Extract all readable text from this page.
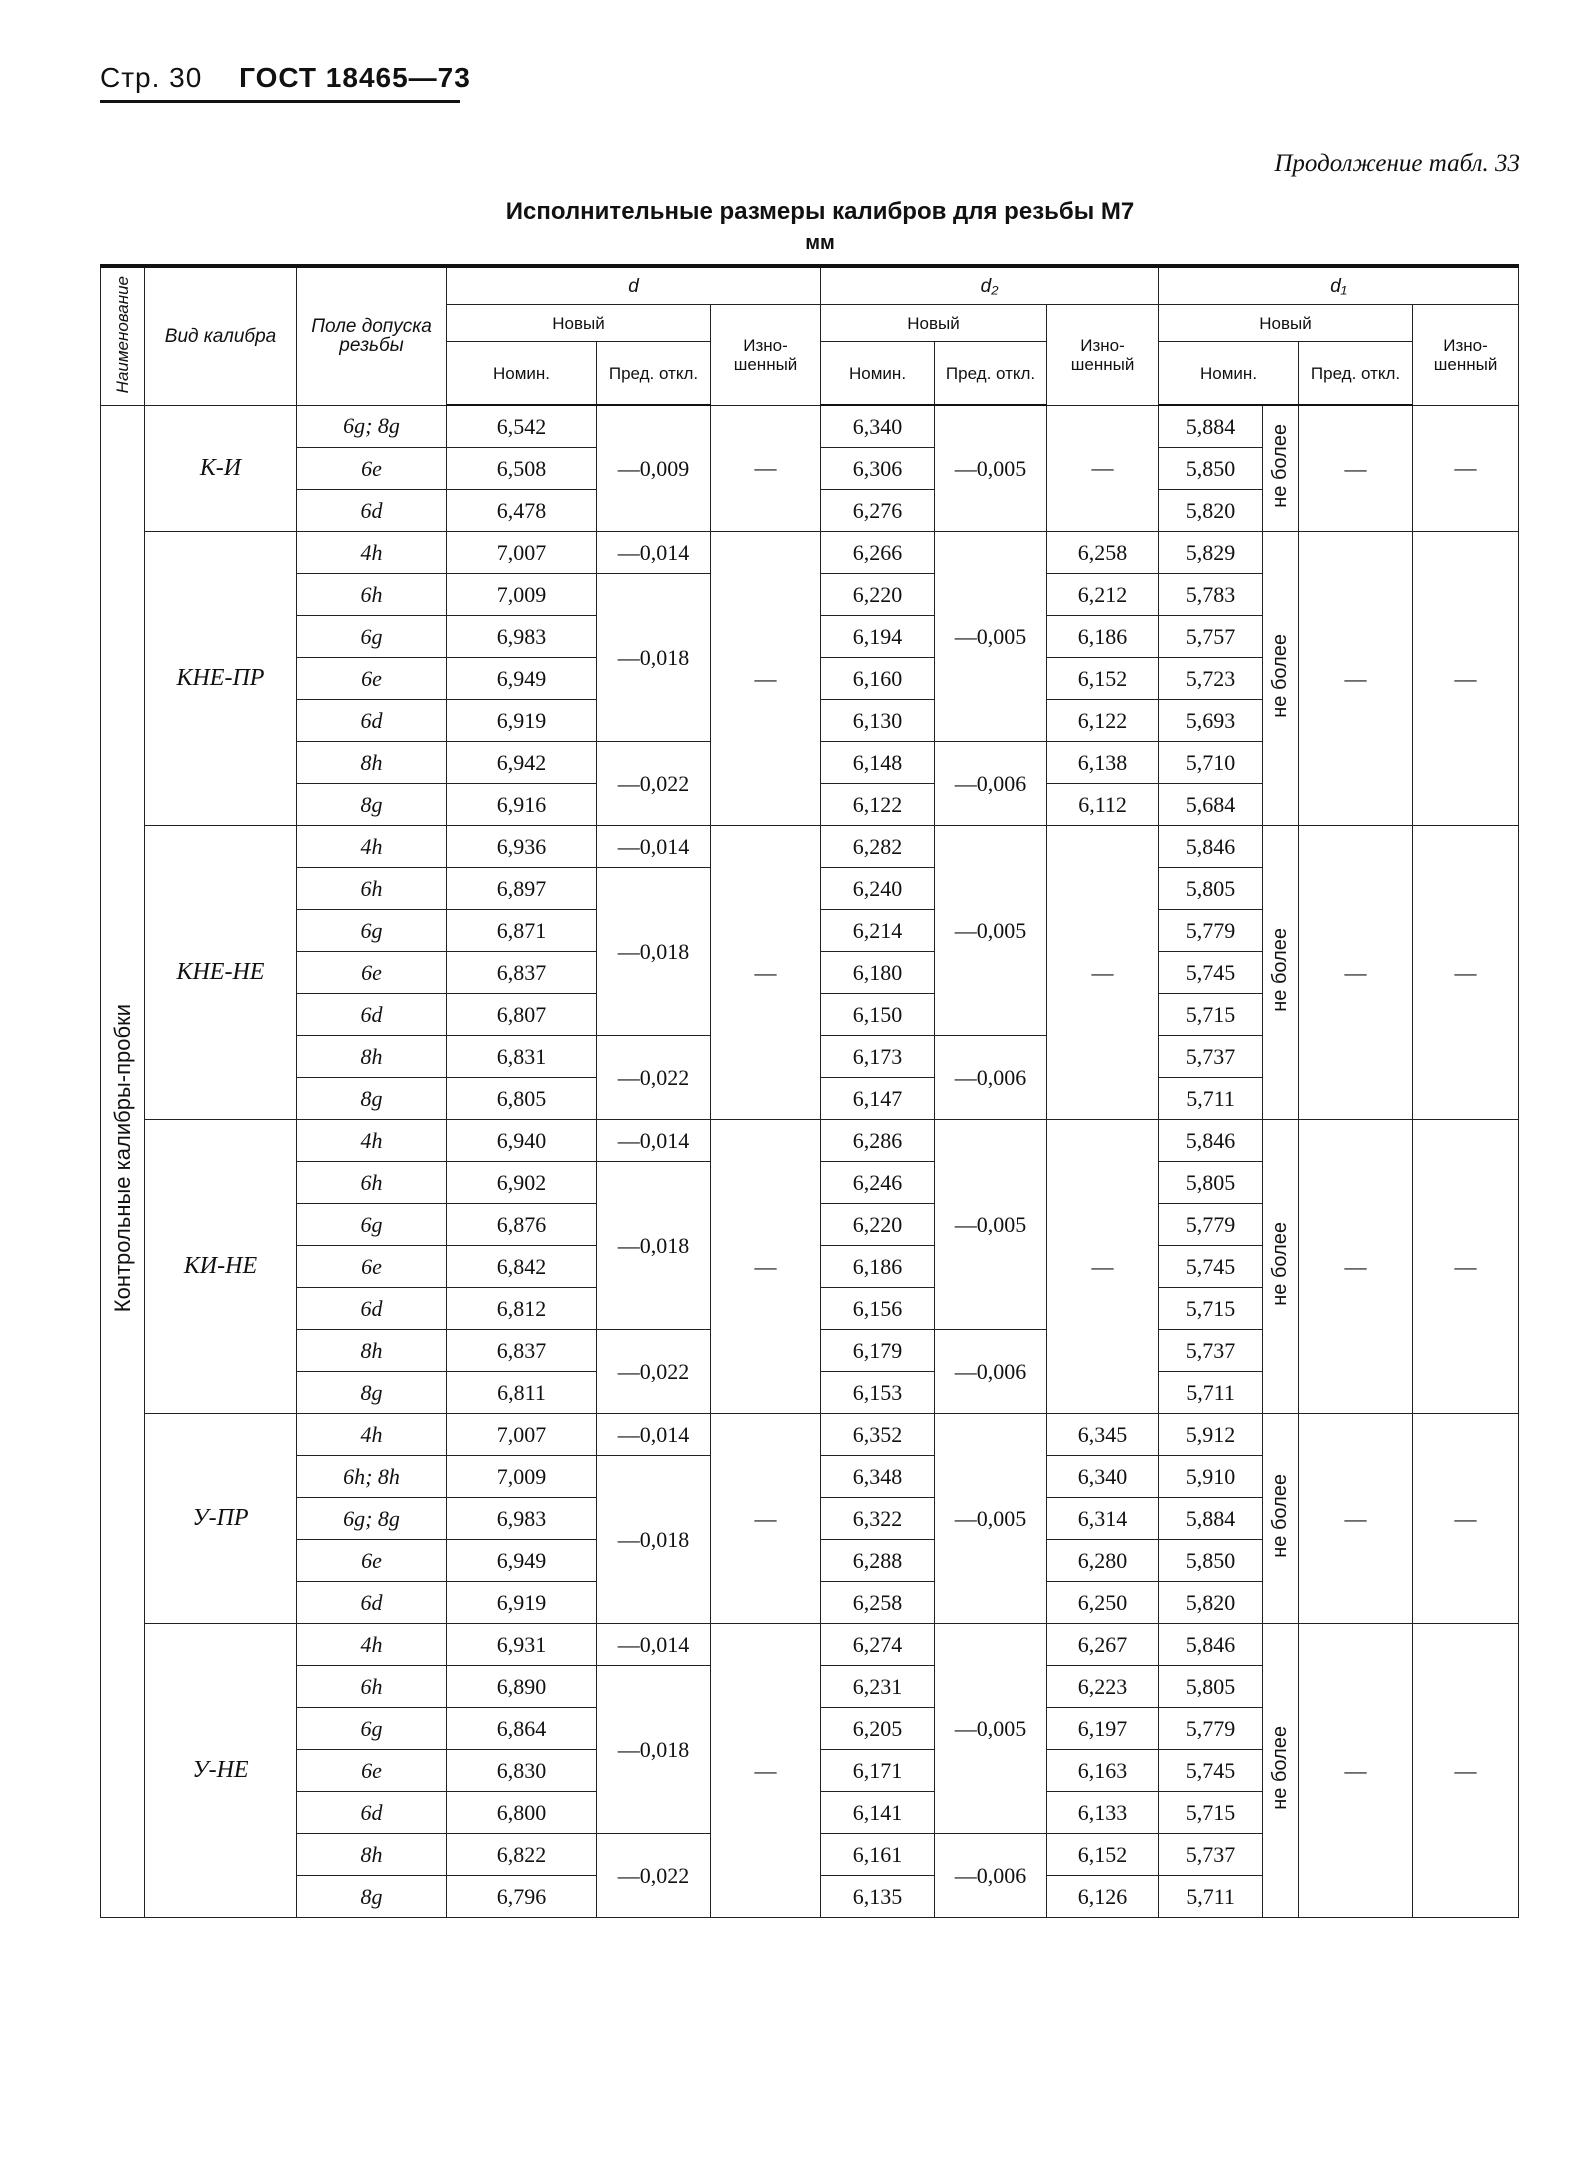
Стр. 30 ГОСТ 18465—73
Продолжение табл. 33
Исполнительные размеры калибров для резьбы М7
мм
Наименование	Вид калибра	Поле допуска резьбы	d			d₂			d₁			
			Новый		Изно-шенный	Новый		Изно-шенный	Новый			Изно-шенный
			Номин.	Пред. откл.		Номин.	Пред. откл.		Номин.		Пред. откл.	
Контрольные калибры-пробки	К-И	6g; 8g	6,542	—0,009	—	6,340	—0,005	—	5,884	не более	—	—
		6e	6,508			6,306			5,850			
		6d	6,478			6,276			5,820			
	КНЕ-ПР	4h	7,007	—0,014	—	6,266	—0,005	6,258	5,829	не более	—	—
		6h	7,009	—0,018		6,220		6,212	5,783			
		6g	6,983			6,194		6,186	5,757			
		6e	6,949			6,160		6,152	5,723			
		6d	6,919			6,130		6,122	5,693			
		8h	6,942	—0,022		6,148	—0,006	6,138	5,710			
		8g	6,916			6,122		6,112	5,684			
	КНЕ-НЕ	4h	6,936	—0,014	—	6,282	—0,005	—	5,846	не более	—	—
		6h	6,897	—0,018		6,240			5,805			
		6g	6,871			6,214			5,779			
		6e	6,837			6,180			5,745			
		6d	6,807			6,150			5,715			
		8h	6,831	—0,022		6,173	—0,006		5,737			
		8g	6,805			6,147			5,711			
	КИ-НЕ	4h	6,940	—0,014	—	6,286	—0,005	—	5,846	не более	—	—
		6h	6,902	—0,018		6,246			5,805			
		6g	6,876			6,220			5,779			
		6e	6,842			6,186			5,745			
		6d	6,812			6,156			5,715			
		8h	6,837	—0,022		6,179	—0,006		5,737			
		8g	6,811			6,153			5,711			
	У-ПР	4h	7,007	—0,014	—	6,352	—0,005	6,345	5,912	не более	—	—
		6h; 8h	7,009	—0,018		6,348		6,340	5,910			
		6g; 8g	6,983			6,322		6,314	5,884			
		6e	6,949			6,288		6,280	5,850			
		6d	6,919			6,258		6,250	5,820			
	У-НЕ	4h	6,931	—0,014	—	6,274	—0,005	6,267	5,846	не более	—	—
		6h	6,890	—0,018		6,231		6,223	5,805			
		6g	6,864			6,205		6,197	5,779			
		6e	6,830			6,171		6,163	5,745			
		6d	6,800			6,141		6,133	5,715			
		8h	6,822	—0,022		6,161	—0,006	6,152	5,737			
		8g	6,796			6,135		6,126	5,711			
